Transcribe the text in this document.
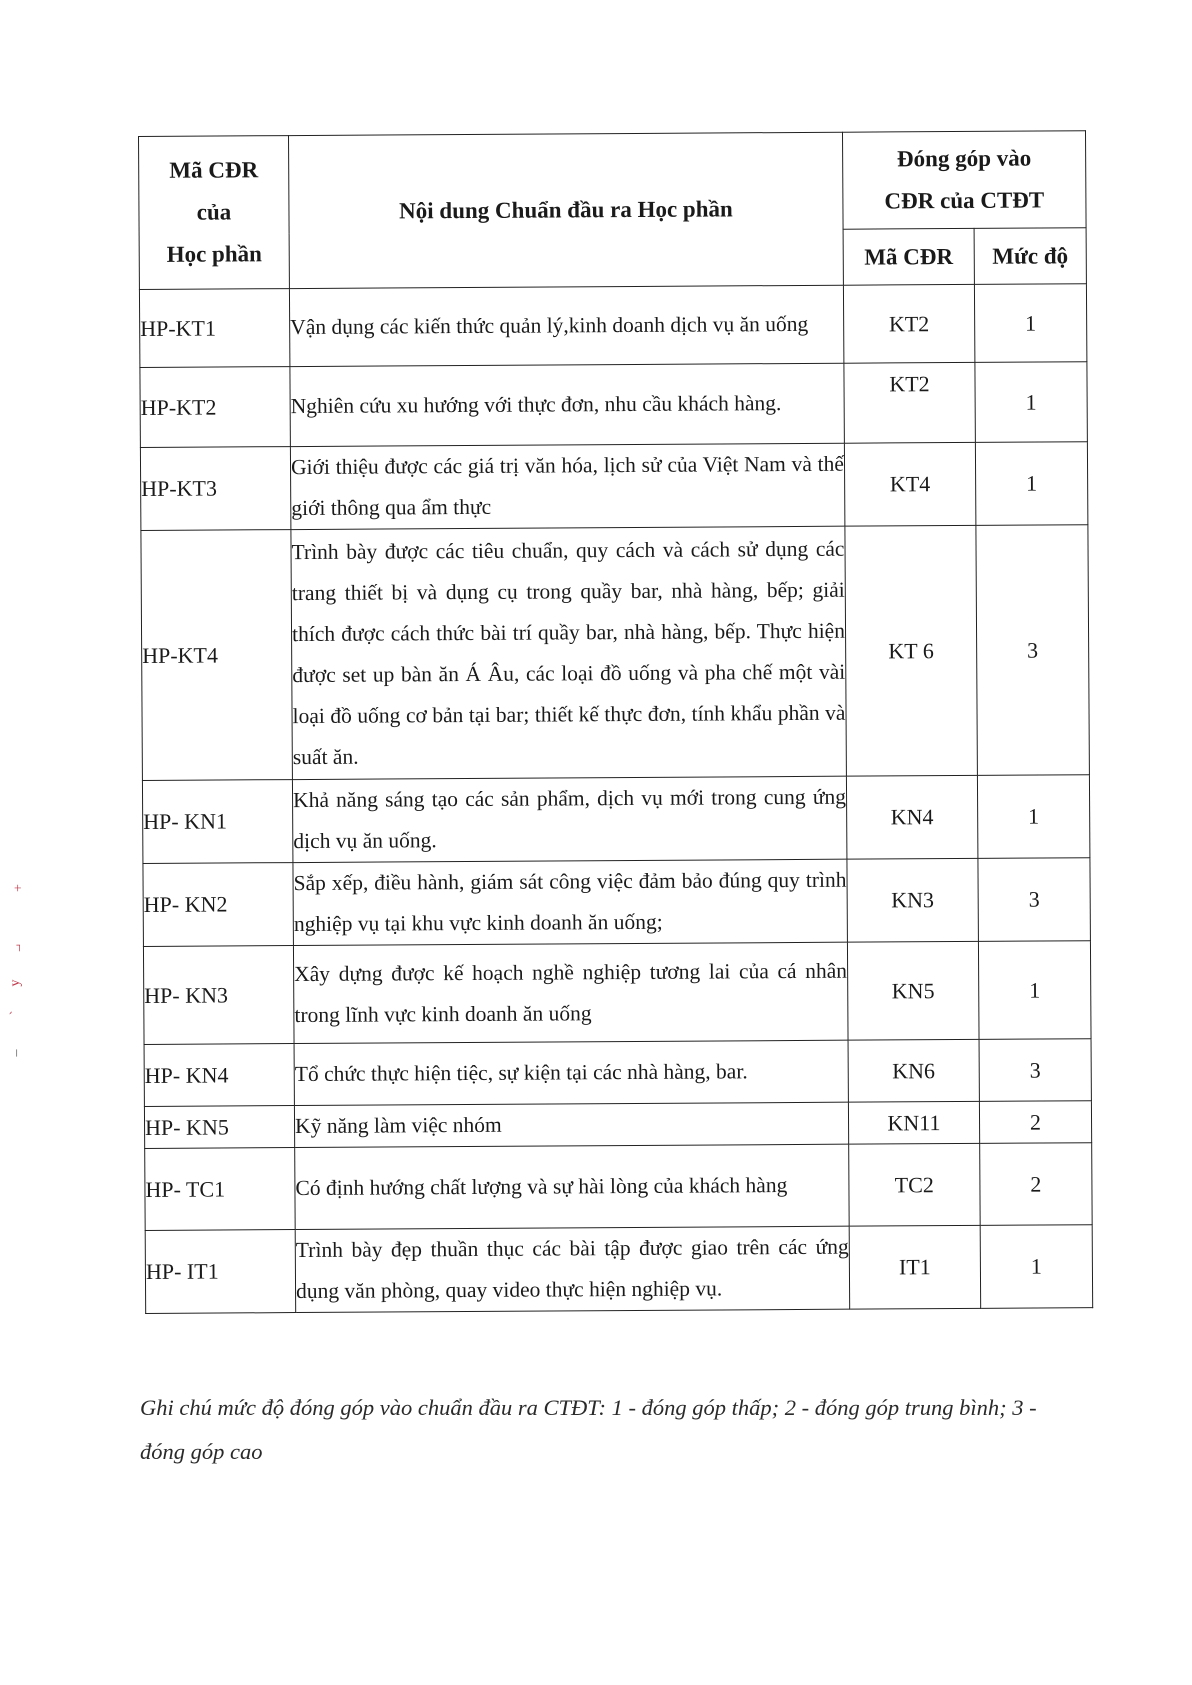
Mã CĐR
của
Học phần	Nội dung Chuẩn đầu ra Học phần	Đóng góp vào CĐR của CTĐT	
		Mã CĐR	Mức độ
HP-KT1	Vận dụng các kiến thức quản lý,kinh doanh dịch vụ ăn uống	KT2	1
HP-KT2	Nghiên cứu xu hướng với thực đơn, nhu cầu khách hàng.	KT2	1
HP-KT3	Giới thiệu được các giá trị văn hóa, lịch sử của Việt Nam và thế giới thông qua ẩm thực	KT4	1
HP-KT4	Trình bày được các tiêu chuẩn, quy cách và cách sử dụng các trang thiết bị và dụng cụ trong quầy bar, nhà hàng, bếp; giải thích được cách thức bài trí quầy bar, nhà hàng, bếp. Thực hiện được set up bàn ăn Á Âu, các loại đồ uống và pha chế một vài loại đồ uống cơ bản tại bar; thiết kế thực đơn, tính khẩu phần và suất ăn.	KT 6	3
HP- KN1	Khả năng sáng tạo các sản phẩm, dịch vụ mới trong cung ứng dịch vụ ăn uống.	KN4	1
HP- KN2	Sắp xếp, điều hành, giám sát công việc đảm bảo đúng quy trình nghiệp vụ tại khu vực kinh doanh ăn uống;	KN3	3
HP- KN3	Xây dựng được kế hoạch nghề nghiệp tương lai của cá nhân trong lĩnh vực kinh doanh ăn uống	KN5	1
HP- KN4	Tổ chức thực hiện tiệc, sự kiện tại các nhà hàng, bar.	KN6	3
HP- KN5	Kỹ năng làm việc nhóm	KN11	2
HP- TC1	Có định hướng chất lượng và sự hài lòng của khách hàng	TC2	2
HP- IT1	Trình bày đẹp thuần thục các bài tập được giao trên các ứng dụng văn phòng, quay video thực hiện nghiệp vụ.	IT1	1
Ghi chú mức độ đóng góp vào chuẩn đầu ra CTĐT: 1 - đóng góp thấp; 2 - đóng góp trung bình; 3 - đóng góp cao
+
⌐
ʎ
ˎ
–
